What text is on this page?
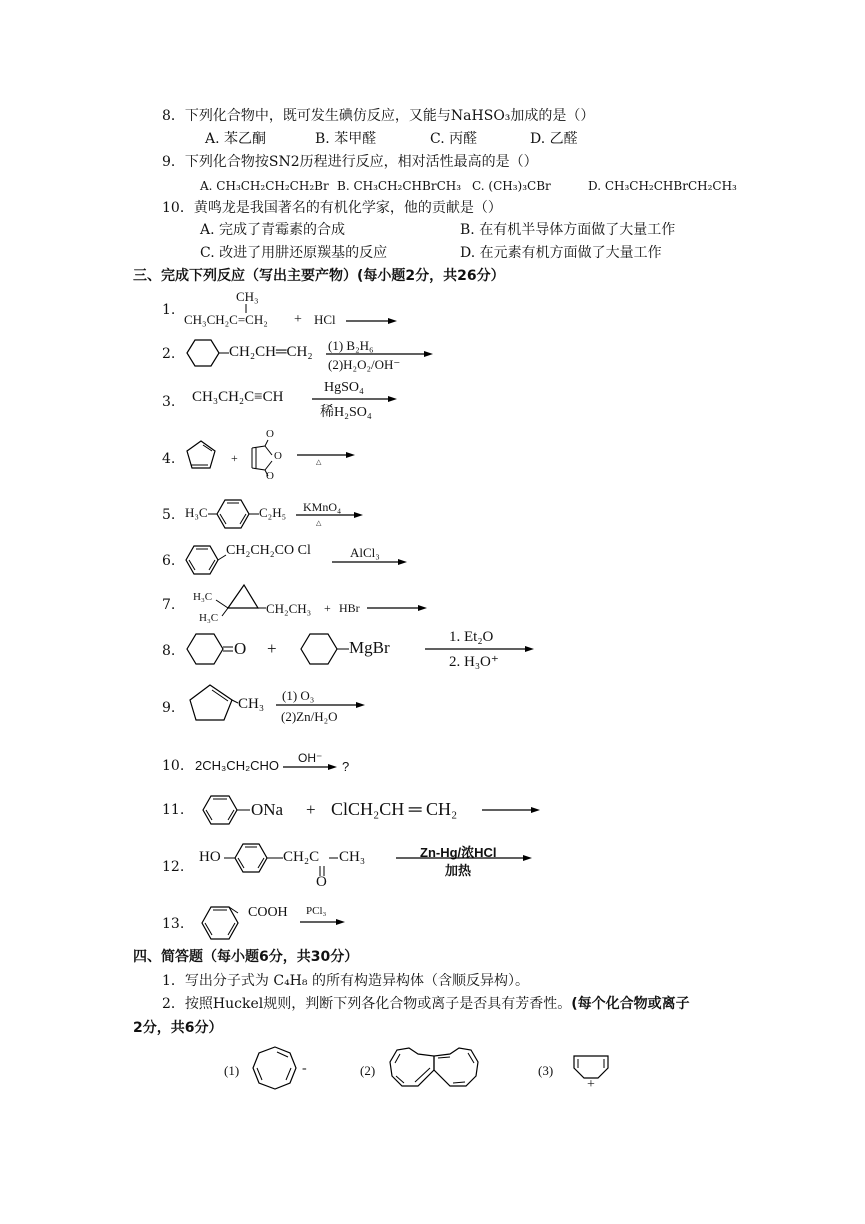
8．下列化合物中，既可发生碘仿反应，又能与NaHSO₃加成的是（）
A. 苯乙酮	B. 苯甲醛	C. 丙醛	D. 乙醛
9．下列化合物按SN2历程进行反应，相对活性最高的是（）
A. CH₃CH₂CH₂CH₂Br B. CH₃CH₂CHBrCH₃ C. (CH₃)₃CBr	D. CH₃CH₂CHBrCH₂CH₃
10．黄鸣龙是我国著名的有机化学家，他的贡献是（）
A. 完成了青霉素的合成	B. 在有机半导体方面做了大量工作
C. 改进了用肼还原羰基的反应	D. 在元素有机方面做了大量工作
三、完成下列反应（写出主要产物）(每小题2分，共26分）
1.
CH₃
CH₃CH₂C=CH₂ + HCl
2.	CH₂CH═CH₂ (1) B₂H₆
(2)H₂O₂/OH⁻
3. CH₃CH₂C≡CH
HgSO₄
稀H₂SO₄
4.	+
O
O
O
△
5. H₃C	C₂H₅ KMnO₄
△
6.
CH₂CH₂CO Cl	AlCl₃
7. H₃C
H₃C
CH₂CH₃ + HBr
8.	O +	MgBr
1. Et₂O
2. H₃O⁺
9.	CH₃
(1) O₃
(2)Zn/H₂O
10. 2CH₃CH₂CHO OH⁻
?
11.	ONa + ClCH₂CH ═ CH₂
12.
HO	CH₂C CH₃
O
Zn-Hg/浓HCl
加热
13.
COOH PCl₃
四、简答题（每小题6分，共30分）
1．写出分子式为 C₄H₈ 的所有构造异构体（含顺反异构）。
2．按照Huckel规则，判断下列各化合物或离子是否具有芳香性。(每个化合物或离子
2分，共6分）
(1)	-	(2)	(3)
+
